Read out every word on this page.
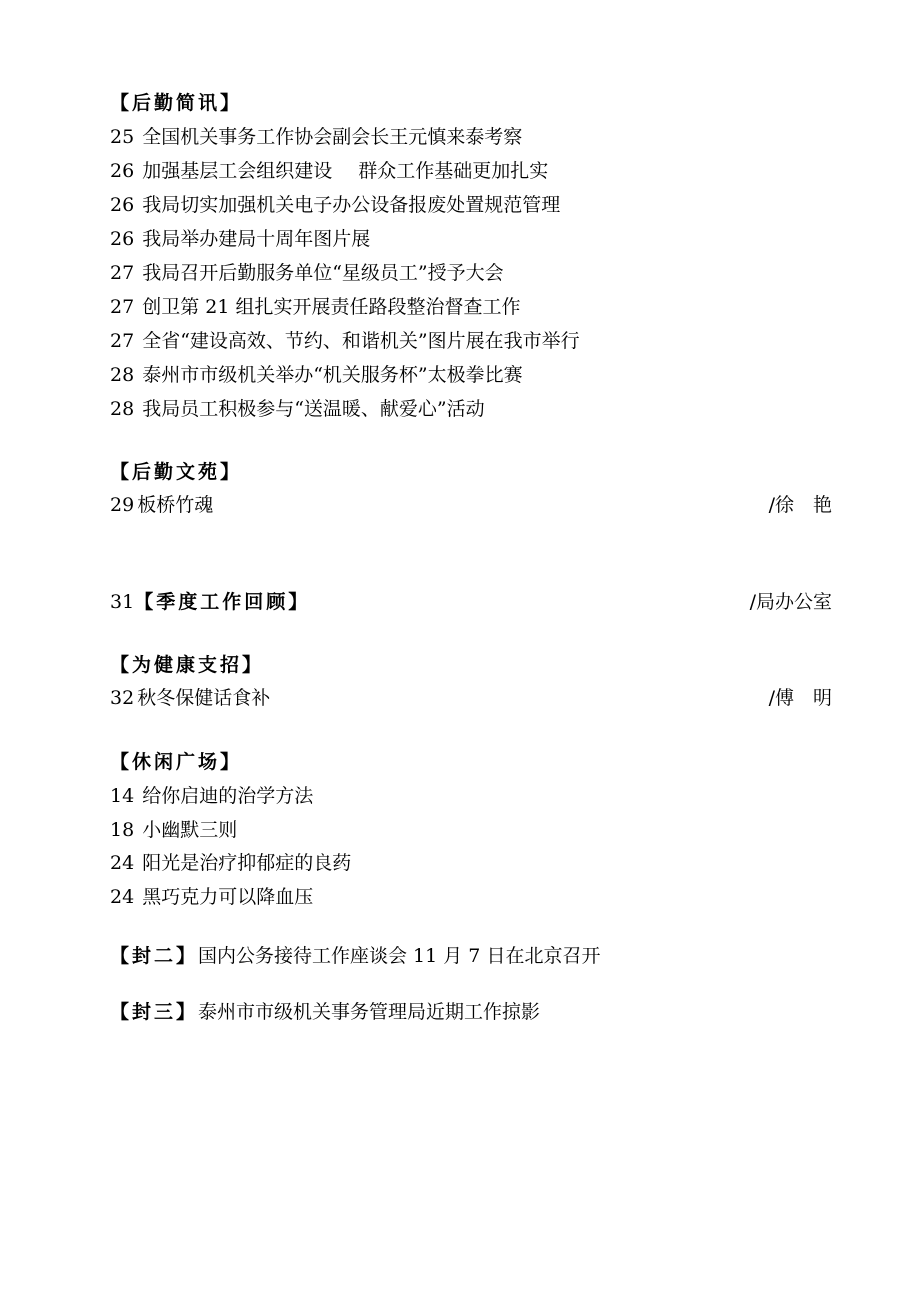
【后勤简讯】
25 全国机关事务工作协会副会长王元慎来泰考察
26 加强基层工会组织建设 群众工作基础更加扎实
26 我局切实加强机关电子办公设备报废处置规范管理
26 我局举办建局十周年图片展
27 我局召开后勤服务单位“星级员工”授予大会
27 创卫第 21 组扎实开展责任路段整治督查工作
27 全省“建设高效、节约、和谐机关”图片展在我市举行
28 泰州市市级机关举办“机关服务杯”太极拳比赛
28 我局员工积极参与“送温暖、献爱心”活动
【后勤文苑】
29 板桥竹魂	/徐　艳
31【季度工作回顾】	/局办公室
【为健康支招】
32 秋冬保健话食补	/傅　明
【休闲广场】
14 给你启迪的治学方法
18 小幽默三则
24 阳光是治疗抑郁症的良药
24 黑巧克力可以降血压
【封二】国内公务接待工作座谈会 11 月 7 日在北京召开
【封三】泰州市市级机关事务管理局近期工作掠影
